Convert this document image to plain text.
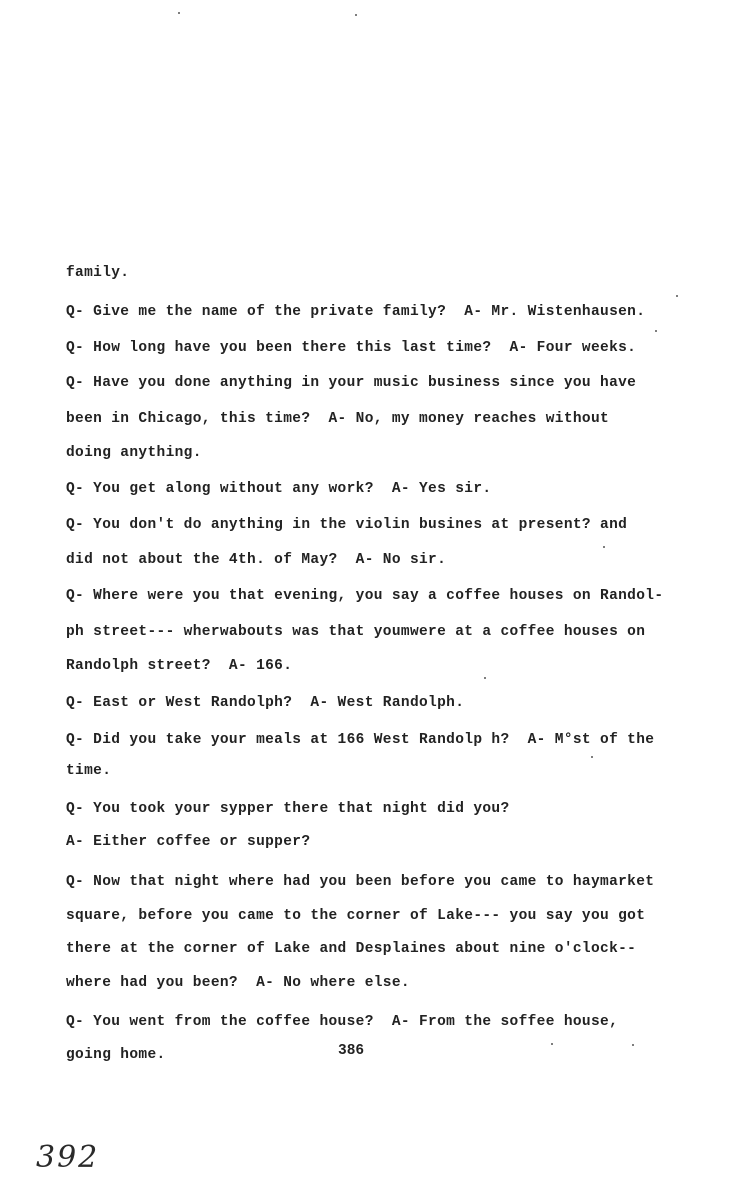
family.
Q- Give me the name of the private family?  A- Mr. Wistenhausen.
Q- How long have you been there this last time?  A- Four weeks.
Q- Have you done anything in your music business since you have
been in Chicago, this time?  A- No, my money reaches without
doing anything.
Q- You get along without any work?  A- Yes sir.
Q- You don't do anything in the violin busines at present? and
did not about the 4th. of May?  A- No sir.
Q- Where were you that evening, you say a coffee houses on Randol-
ph street--- wherwabouts was that youmwere at a coffee houses on
Randolph street?  A- 166.
Q- East or West Randolph?  A- West Randolph.
Q- Did you take your meals at 166 West Randolp h?  A- M°st of the
time.
Q- You took your sypper there that night did you?
A- Either coffee or supper?
Q- Now that night where had you been before you came to haymarket
square, before you came to the corner of Lake--- you say you got
there at the corner of Lake and Desplaines about nine o'clock--
where had you been?  A- No where else.
Q- You went from the coffee house?  A- From the soffee house,
going home.	386
392
